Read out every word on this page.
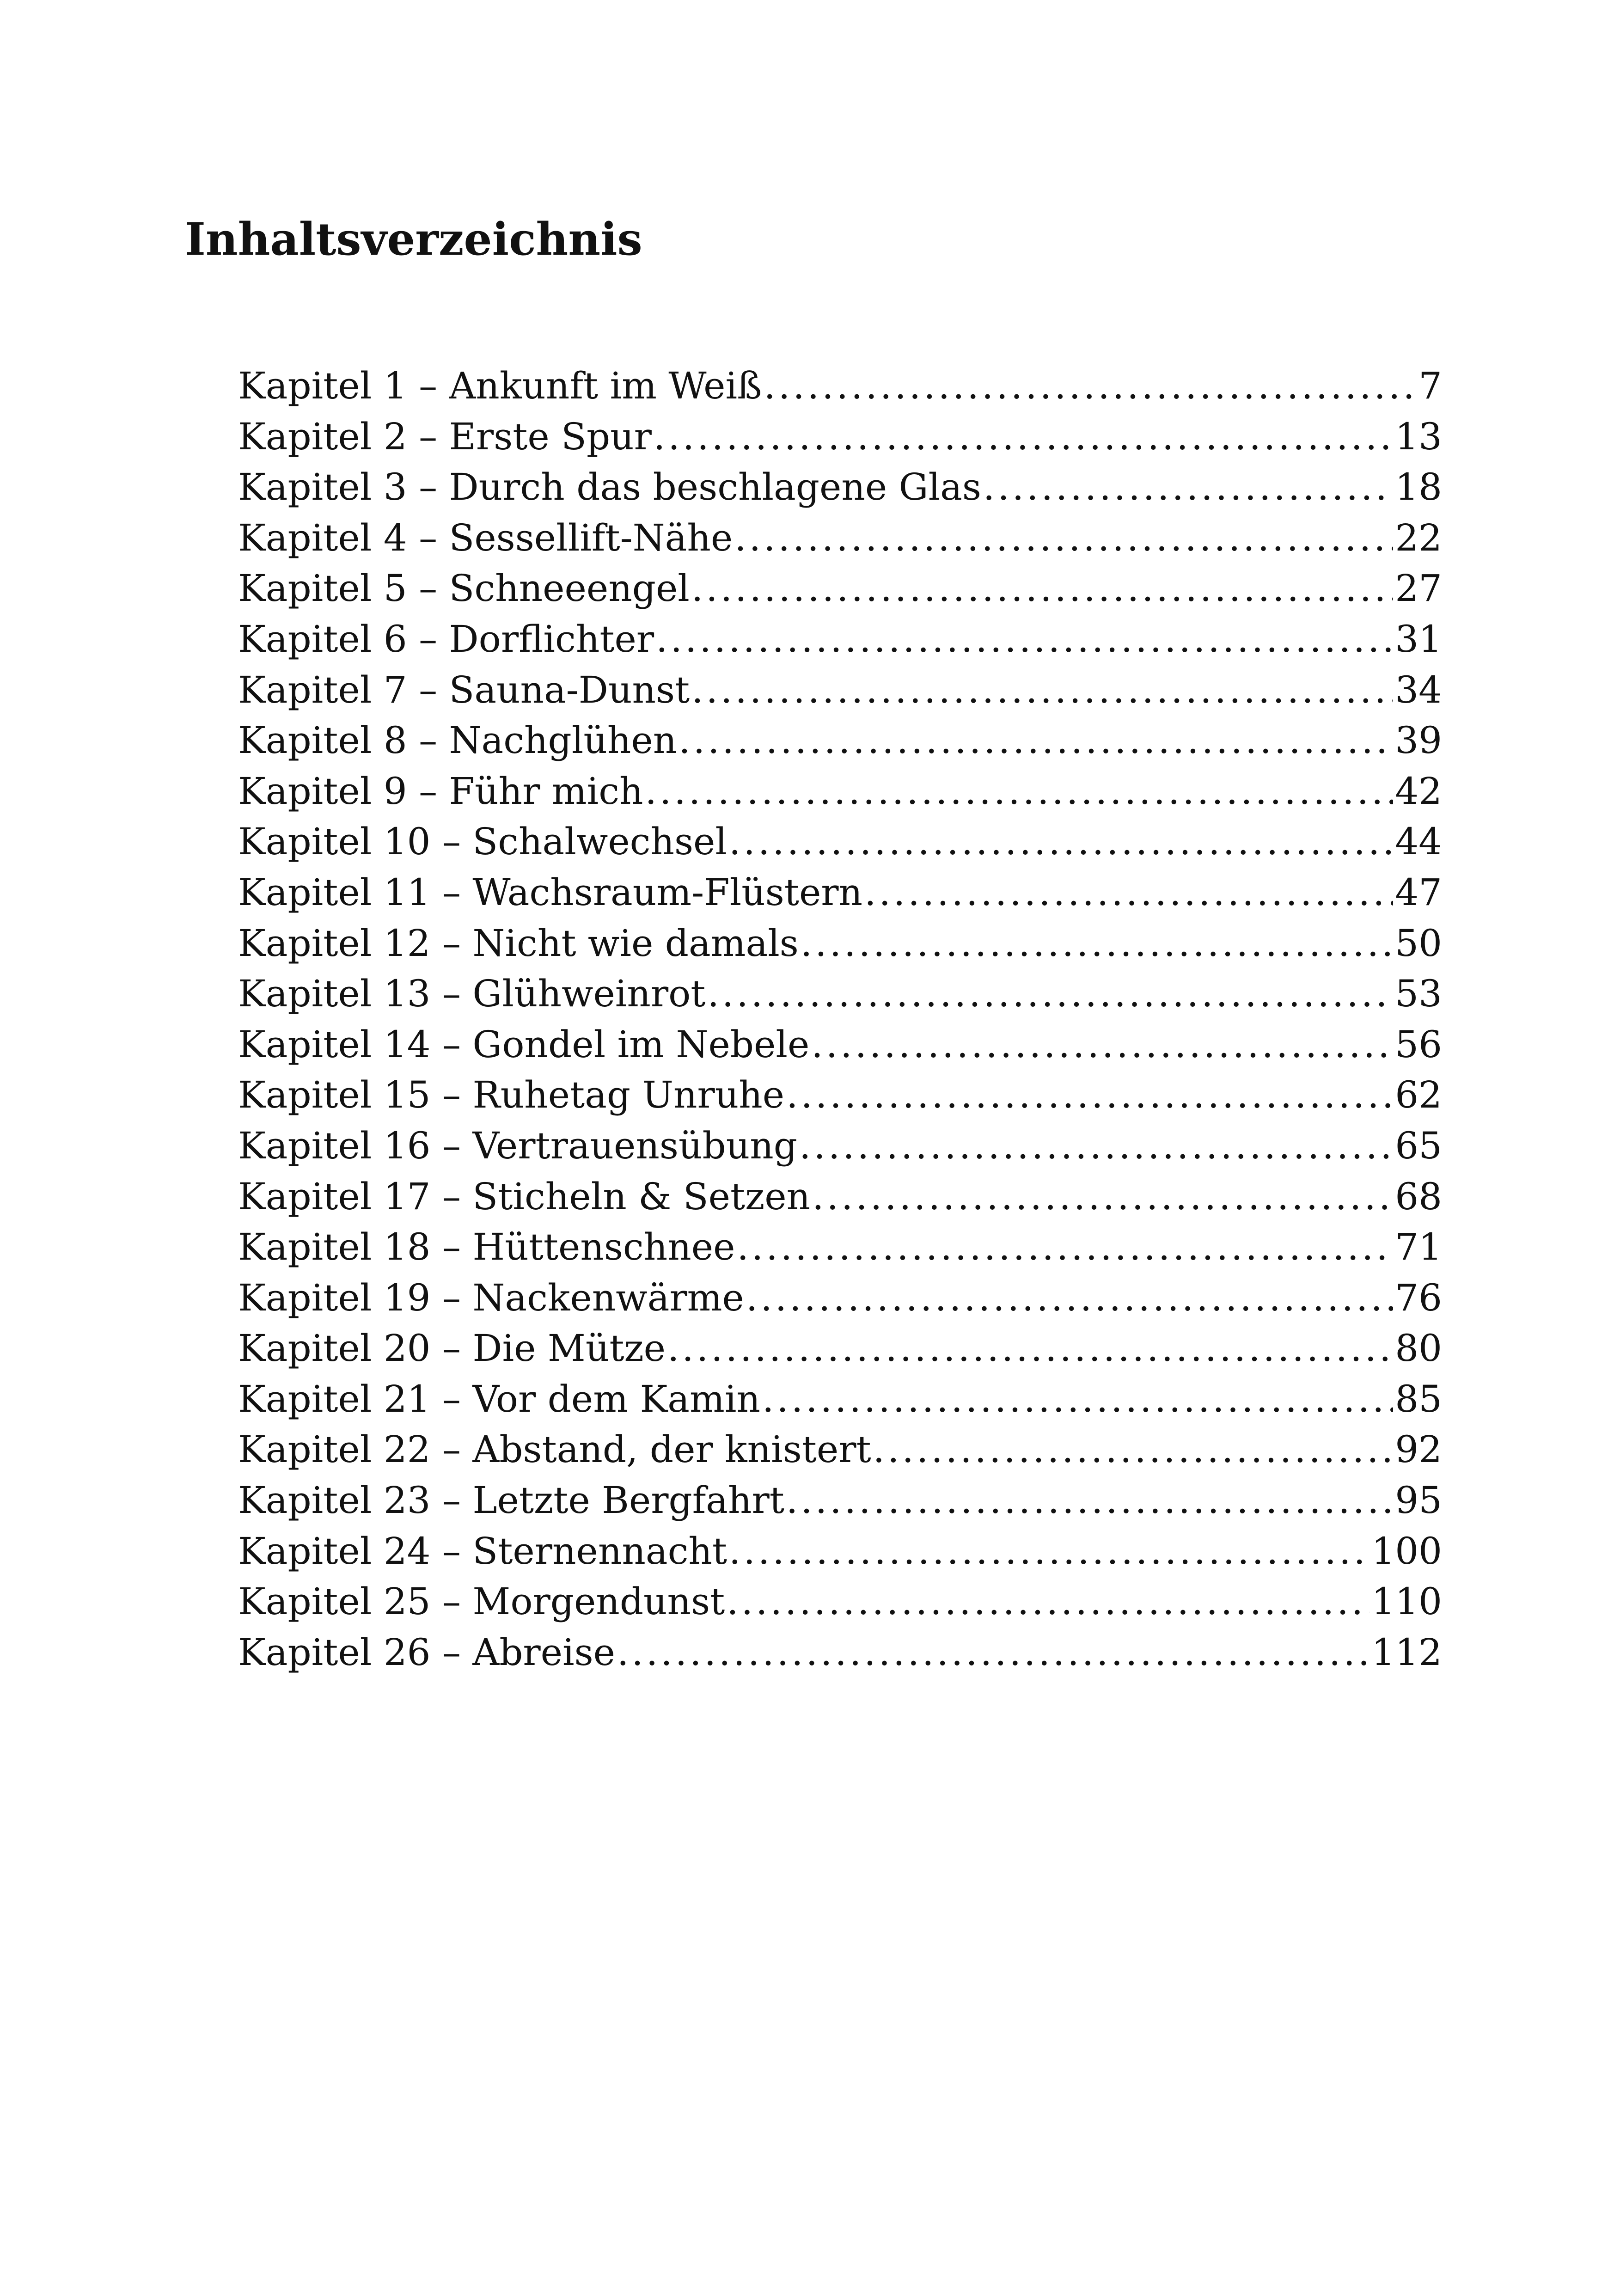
Inhaltsverzeichnis
Kapitel 1 – Ankunft im Weiß .....	7
Kapitel 2 – Erste Spur .....	13
Kapitel 3 – Durch das beschlagene Glas .....	18
Kapitel 4 – Sessellift-Nähe .....	22
Kapitel 5 – Schneeengel .....	27
Kapitel 6 – Dorflichter .....	31
Kapitel 7 – Sauna-Dunst .....	34
Kapitel 8 – Nachglühen .....	39
Kapitel 9 – Führ mich .....	42
Kapitel 10 – Schalwechsel .....	44
Kapitel 11 – Wachsraum-Flüstern .....	47
Kapitel 12 – Nicht wie damals .....	50
Kapitel 13 – Glühweinrot .....	53
Kapitel 14 – Gondel im Nebele .....	56
Kapitel 15 – Ruhetag Unruhe .....	62
Kapitel 16 – Vertrauensübung .....	65
Kapitel 17 – Sticheln & Setzen .....	68
Kapitel 18 – Hüttenschnee .....	71
Kapitel 19 – Nackenwärme .....	76
Kapitel 20 – Die Mütze .....	80
Kapitel 21 – Vor dem Kamin .....	85
Kapitel 22 – Abstand, der knistert .....	92
Kapitel 23 – Letzte Bergfahrt .....	95
Kapitel 24 – Sternennacht .....	100
Kapitel 25 – Morgendunst .....	110
Kapitel 26 – Abreise .....	112
